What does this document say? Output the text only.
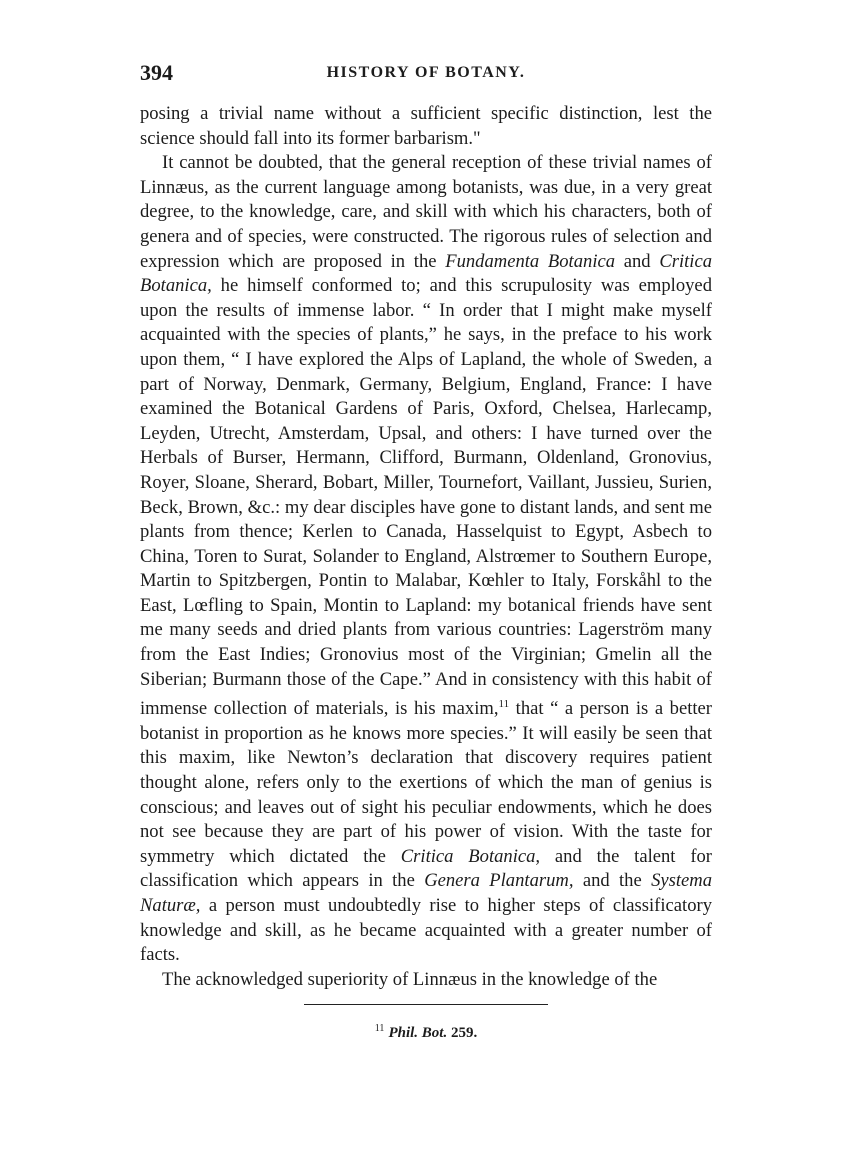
394	HISTORY OF BOTANY.

posing a trivial name without a sufficient specific distinction, lest the science should fall into its former barbarism."

It cannot be doubted, that the general reception of these trivial names of Linnæus, as the current language among botanists, was due, in a very great degree, to the knowledge, care, and skill with which his characters, both of genera and of species, were constructed. The rigorous rules of selection and expression which are proposed in the Fundamenta Botanica and Critica Botanica, he himself conformed to; and this scrupulosity was employed upon the results of immense labor. “ In order that I might make myself acquainted with the species of plants,” he says, in the preface to his work upon them, “ I have explored the Alps of Lapland, the whole of Sweden, a part of Norway, Denmark, Germany, Belgium, England, France: I have examined the Botanical Gardens of Paris, Oxford, Chelsea, Harlecamp, Leyden, Utrecht, Amsterdam, Upsal, and others: I have turned over the Herbals of Burser, Hermann, Clifford, Burmann, Oldenland, Gronovius, Royer, Sloane, Sherard, Bobart, Miller, Tournefort, Vaillant, Jussieu, Surien, Beck, Brown, &c.: my dear disciples have gone to distant lands, and sent me plants from thence; Kerlen to Canada, Hasselquist to Egypt, Asbech to China, Toren to Surat, Solander to England, Alstrœmer to Southern Europe, Martin to Spitzbergen, Pontin to Malabar, Kœhler to Italy, Forskåhl to the East, Lœfling to Spain, Montin to Lapland: my botanical friends have sent me many seeds and dried plants from various countries: Lagerström many from the East Indies; Gronovius most of the Virginian; Gmelin all the Siberian; Burmann those of the Cape.” And in consistency with this habit of immense collection of materials, is his maxim,$^{11}$ that “ a person is a better botanist in proportion as he knows more species.” It will easily be seen that this maxim, like Newton’s declaration that discovery requires patient thought alone, refers only to the exertions of which the man of genius is conscious; and leaves out of sight his peculiar endowments, which he does not see because they are part of his power of vision. With the taste for symmetry which dictated the Critica Botanica, and the talent for classification which appears in the Genera Plantarum, and the Systema Naturæ, a person must undoubtedly rise to higher steps of classificatory knowledge and skill, as he became acquainted with a greater number of facts.

The acknowledged superiority of Linnæus in the knowledge of the

$^{11}$ Phil. Bot. 259.
